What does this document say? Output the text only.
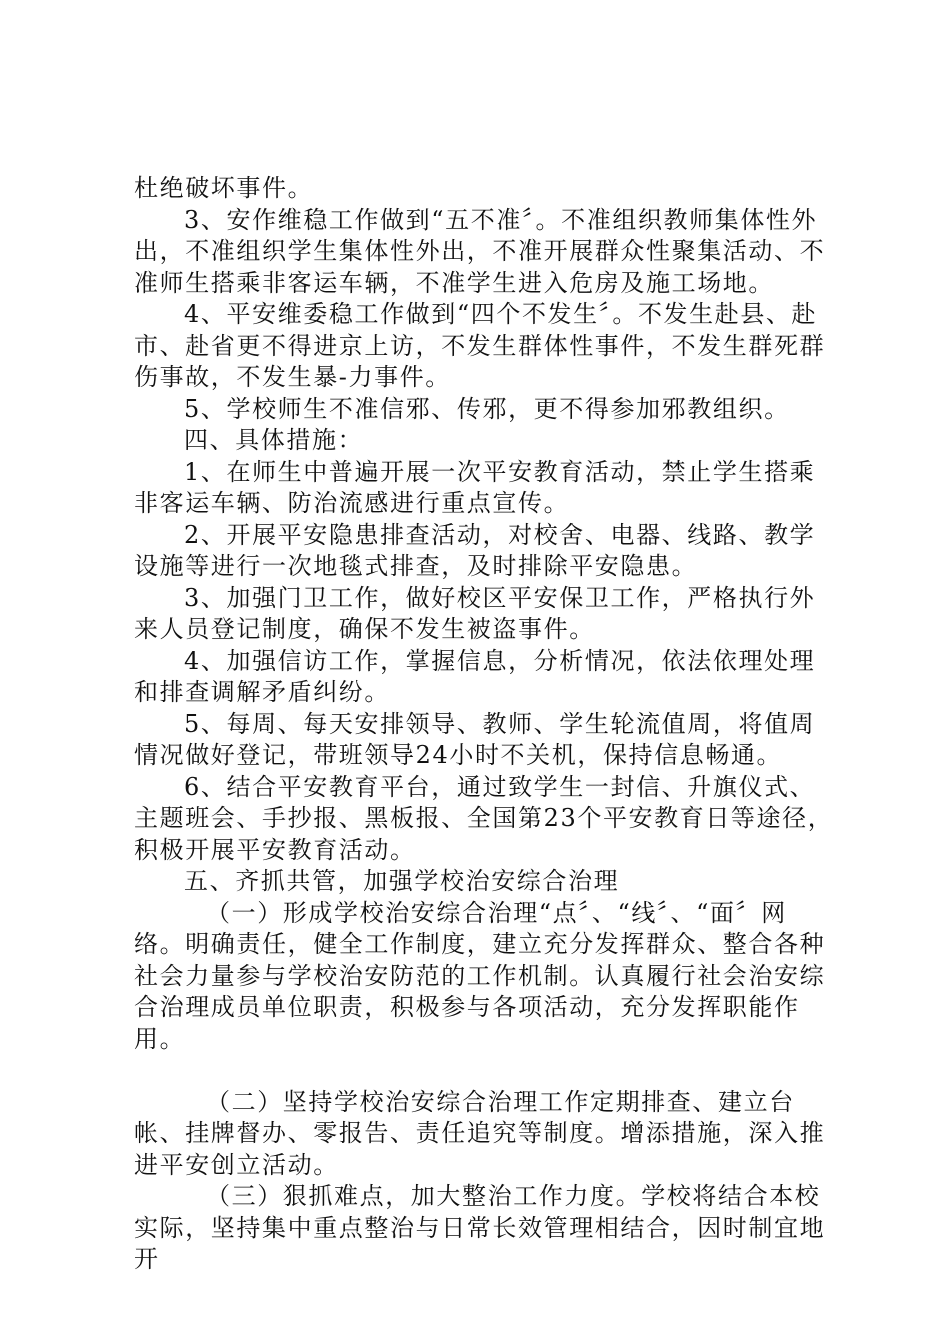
杜绝破坏事件。

3、安作维稳工作做到“五不准〞。不准组织教师集体性外出，不准组织学生集体性外出，不准开展群众性聚集活动、不准师生搭乘非客运车辆，不准学生进入危房及施工场地。

4、平安维委稳工作做到“四个不发生〞。不发生赴县、赴市、赴省更不得进京上访，不发生群体性事件，不发生群死群伤事故，不发生暴-力事件。

5、学校师生不准信邪、传邪，更不得参加邪教组织。

四、具体措施：

1、在师生中普遍开展一次平安教育活动，禁止学生搭乘非客运车辆、防治流感进行重点宣传。

2、开展平安隐患排查活动，对校舍、电器、线路、教学设施等进行一次地毯式排查，及时排除平安隐患。

3、加强门卫工作，做好校区平安保卫工作，严格执行外来人员登记制度，确保不发生被盗事件。

4、加强信访工作，掌握信息，分析情况，依法依理处理和排查调解矛盾纠纷。

5、每周、每天安排领导、教师、学生轮流值周，将值周情况做好登记，带班领导24小时不关机，保持信息畅通。

6、结合平安教育平台，通过致学生一封信、升旗仪式、主题班会、手抄报、黑板报、全国第23个平安教育日等途径，积极开展平安教育活动。

五、齐抓共管，加强学校治安综合治理

（一）形成学校治安综合治理“点〞、“线〞、“面〞网络。明确责任，健全工作制度，建立充分发挥群众、整合各种社会力量参与学校治安防范的工作机制。认真履行社会治安综合治理成员单位职责，积极参与各项活动，充分发挥职能作用。

（二）坚持学校治安综合治理工作定期排查、建立台帐、挂牌督办、零报告、责任追究等制度。增添措施，深入推进平安创立活动。

（三）狠抓难点，加大整治工作力度。学校将结合本校实际，坚持集中重点整治与日常长效管理相结合，因时制宜地开
